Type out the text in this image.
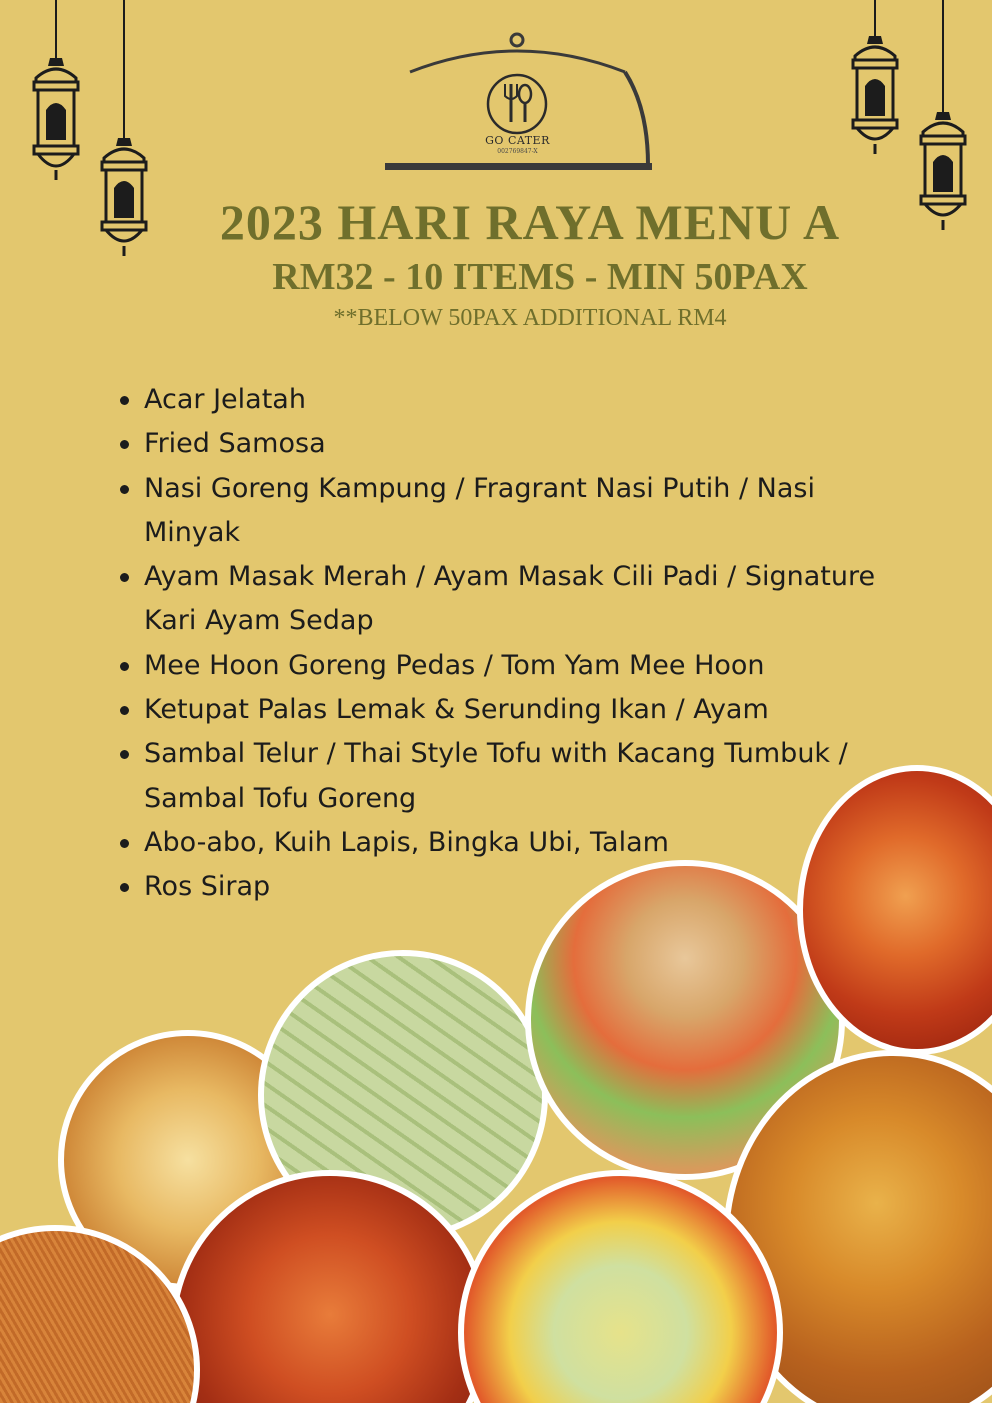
GO CATER
002769847-X
2023 HARI RAYA MENU A
RM32 - 10 ITEMS - MIN 50PAX
**BELOW 50PAX ADDITIONAL RM4
Acar Jelatah
Fried Samosa
Nasi Goreng Kampung / Fragrant Nasi Putih / Nasi Minyak
Ayam Masak Merah / Ayam Masak Cili Padi / Signature Kari Ayam Sedap
Mee Hoon Goreng Pedas / Tom Yam Mee Hoon
Ketupat Palas Lemak & Serunding Ikan / Ayam
Sambal Telur / Thai Style Tofu with Kacang Tumbuk / Sambal Tofu Goreng
Abo-abo, Kuih Lapis, Bingka Ubi, Talam
Ros Sirap
